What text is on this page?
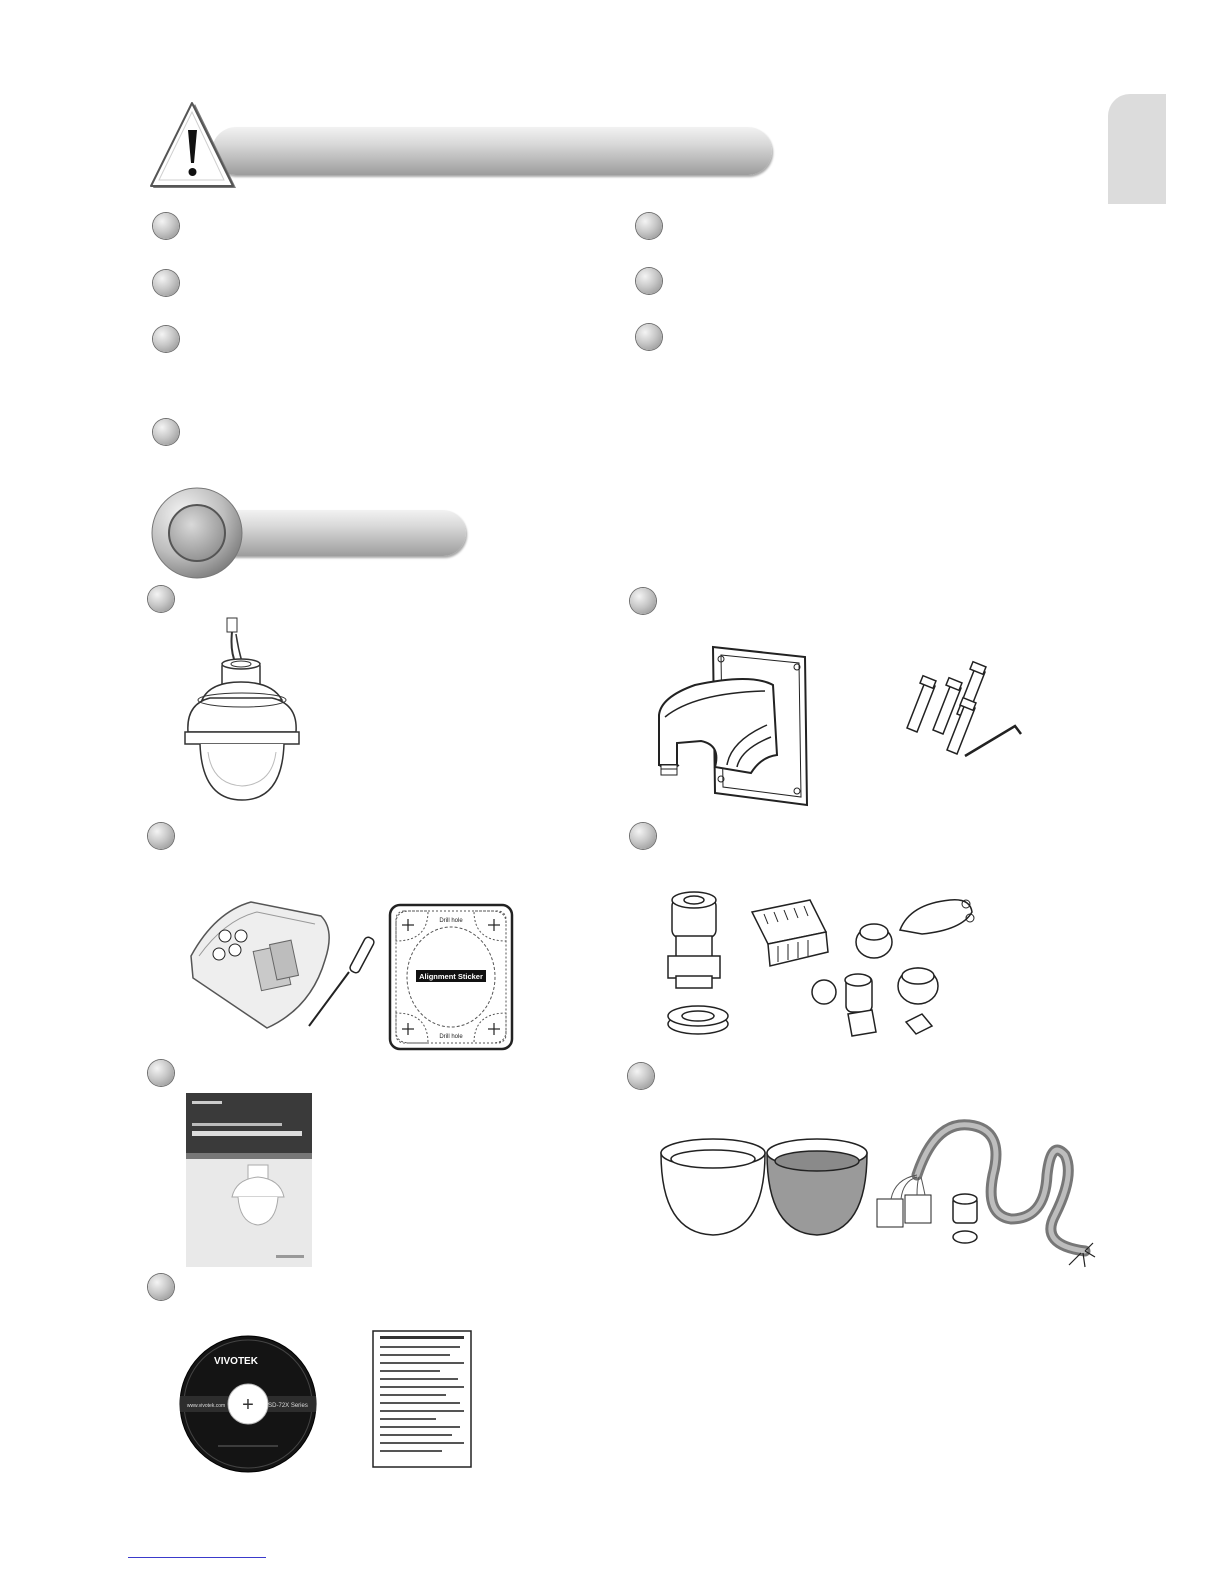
Drill hole
Drill hole
Alignment Sticker
+
VIVOTEK
www.vivotek.com	SD-72X Series
